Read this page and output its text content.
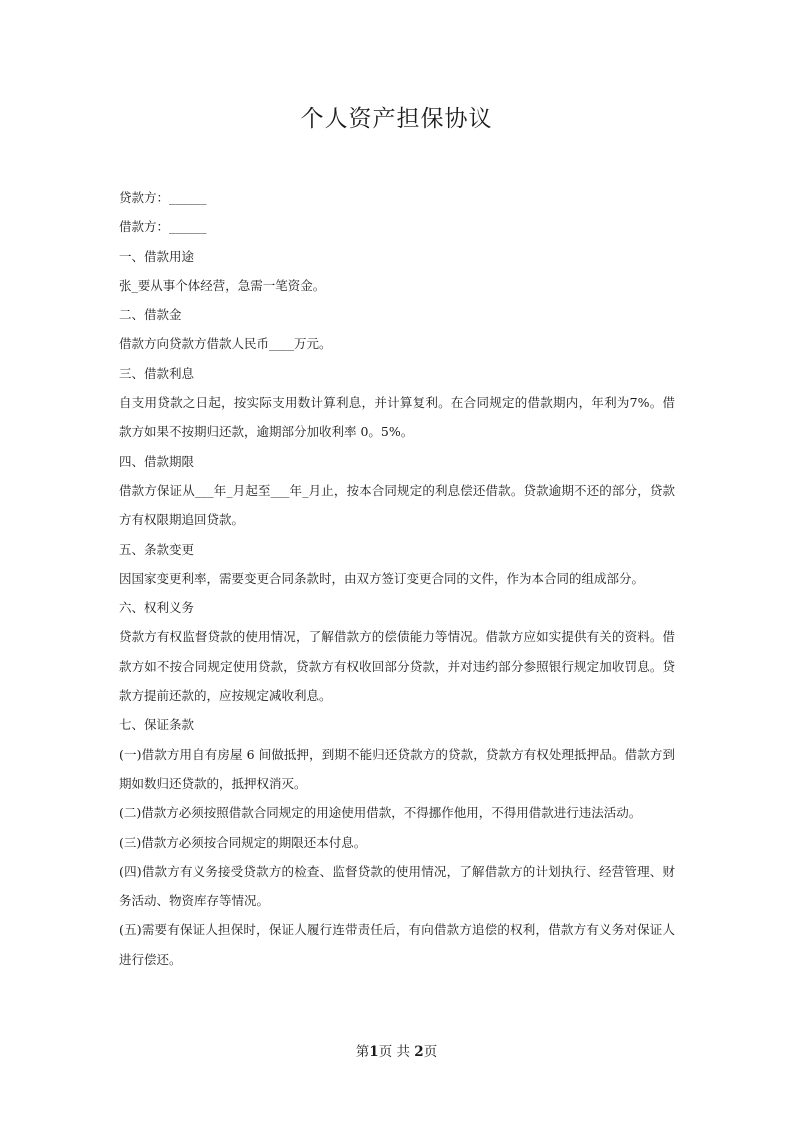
个人资产担保协议

贷款方：______

借款方：______

一、借款用途

张_要从事个体经营，急需一笔资金。

二、借款金

借款方向贷款方借款人民币____万元。

三、借款利息

自支用贷款之日起，按实际支用数计算利息，并计算复利。在合同规定的借款期内，年利为7%。借款方如果不按期归还款，逾期部分加收利率 0。5%。

四、借款期限

借款方保证从___年_月起至___年_月止，按本合同规定的利息偿还借款。贷款逾期不还的部分，贷款方有权限期追回贷款。

五、条款变更

因国家变更利率，需要变更合同条款时，由双方签订变更合同的文件，作为本合同的组成部分。

六、权利义务

贷款方有权监督贷款的使用情况，了解借款方的偿债能力等情况。借款方应如实提供有关的资料。借款方如不按合同规定使用贷款，贷款方有权收回部分贷款，并对违约部分参照银行规定加收罚息。贷款方提前还款的，应按规定减收利息。

七、保证条款

(一)借款方用自有房屋 6 间做抵押，到期不能归还贷款方的贷款，贷款方有权处理抵押品。借款方到期如数归还贷款的，抵押权消灭。

(二)借款方必须按照借款合同规定的用途使用借款，不得挪作他用，不得用借款进行违法活动。

(三)借款方必须按合同规定的期限还本付息。

(四)借款方有义务接受贷款方的检查、监督贷款的使用情况，了解借款方的计划执行、经营管理、财务活动、物资库存等情况。

(五)需要有保证人担保时，保证人履行连带责任后，有向借款方追偿的权利，借款方有义务对保证人进行偿还。

第1页 共 2页
